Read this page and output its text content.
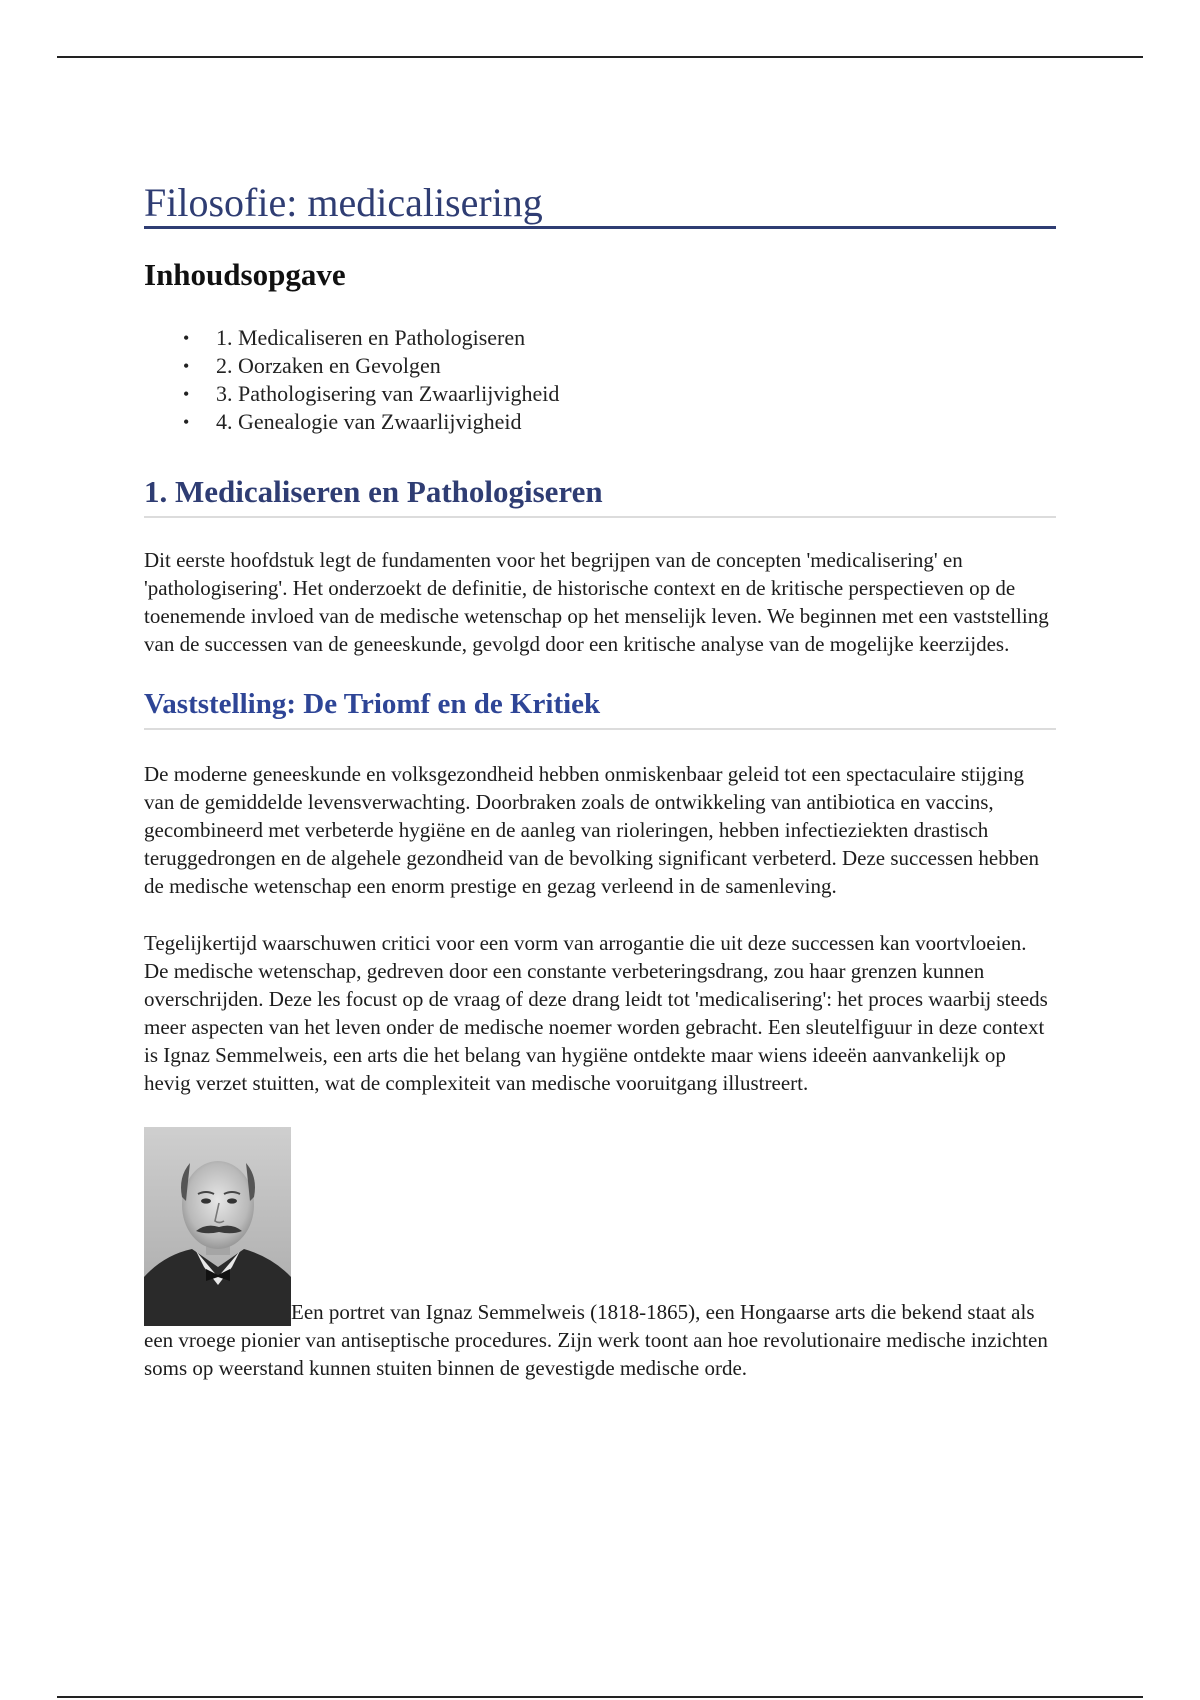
Filosofie: medicalisering
Inhoudsopgave
• 1. Medicaliseren en Pathologiseren
• 2. Oorzaken en Gevolgen
• 3. Pathologisering van Zwaarlijvigheid
• 4. Genealogie van Zwaarlijvigheid
1. Medicaliseren en Pathologiseren

Dit eerste hoofdstuk legt de fundamenten voor het begrijpen van de concepten 'medicalisering' en 'pathologisering'. Het onderzoekt de definitie, de historische context en de kritische perspectieven op de toenemende invloed van de medische wetenschap op het menselijk leven. We beginnen met een vaststelling van de successen van de geneeskunde, gevolgd door een kritische analyse van de mogelijke keerzijdes.

Vaststelling: De Triomf en de Kritiek

De moderne geneeskunde en volksgezondheid hebben onmiskenbaar geleid tot een spectaculaire stijging van de gemiddelde levensverwachting. Doorbraken zoals de ontwikkeling van antibiotica en vaccins, gecombineerd met verbeterde hygiëne en de aanleg van rioleringen, hebben infectieziekten drastisch teruggedrongen en de algehele gezondheid van de bevolking significant verbeterd. Deze successen hebben de medische wetenschap een enorm prestige en gezag verleend in de samenleving.

Tegelijkertijd waarschuwen critici voor een vorm van arrogantie die uit deze successen kan voortvloeien. De medische wetenschap, gedreven door een constante verbeteringsdrang, zou haar grenzen kunnen overschrijden. Deze les focust op de vraag of deze drang leidt tot 'medicalisering': het proces waarbij steeds meer aspecten van het leven onder de medische noemer worden gebracht. Een sleutelfiguur in deze context is Ignaz Semmelweis, een arts die het belang van hygiëne ontdekte maar wiens ideeën aanvankelijk op hevig verzet stuitten, wat de complexiteit van medische vooruitgang illustreert.

Een portret van Ignaz Semmelweis (1818-1865), een Hongaarse arts die bekend staat als een vroege pionier van antiseptische procedures. Zijn werk toont aan hoe revolutionaire medische inzichten soms op weerstand kunnen stuiten binnen de gevestigde medische orde.
